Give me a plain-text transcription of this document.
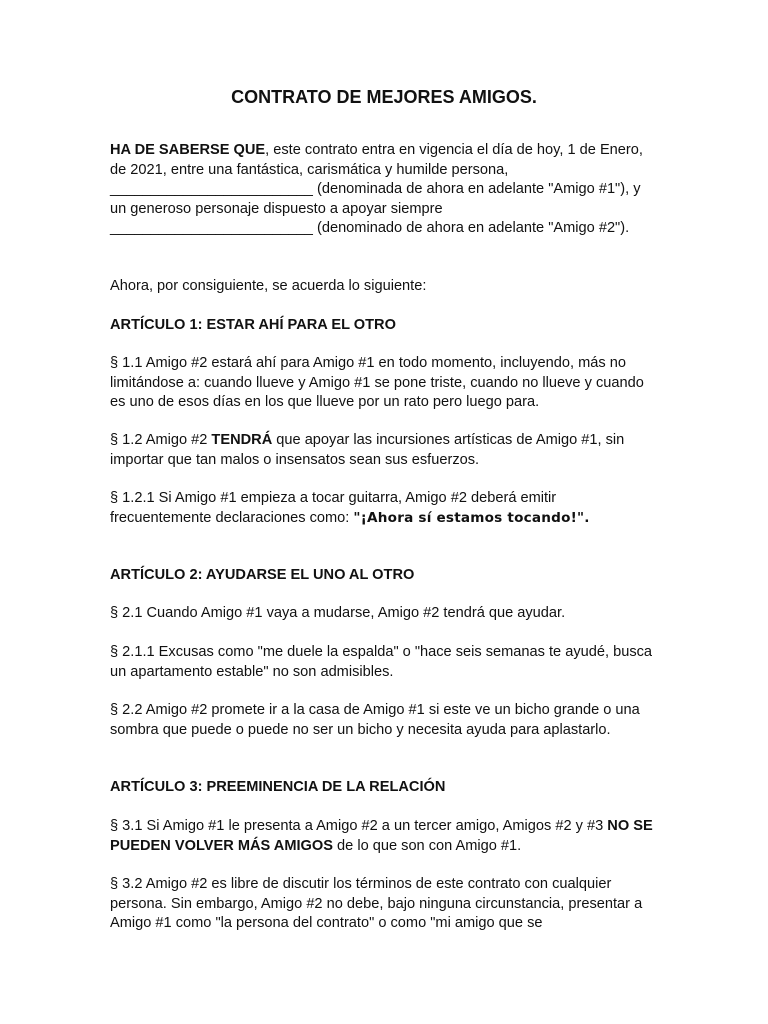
CONTRATO DE MEJORES AMIGOS.

HA DE SABERSE QUE, este contrato entra en vigencia el día de hoy, 1 de Enero, de 2021, entre una fantástica, carismática y humilde persona,
_________________________ (denominada de ahora en adelante "Amigo #1"), y un generoso personaje dispuesto a apoyar siempre
_________________________ (denominado de ahora en adelante "Amigo #2").

Ahora, por consiguiente, se acuerda lo siguiente:

ARTÍCULO 1: ESTAR AHÍ PARA EL OTRO

§ 1.1 Amigo #2 estará ahí para Amigo #1 en todo momento, incluyendo, más no limitándose a: cuando llueve y Amigo #1 se pone triste, cuando no llueve y cuando es uno de esos días en los que llueve por un rato pero luego para.

§ 1.2 Amigo #2 TENDRÁ que apoyar las incursiones artísticas de Amigo #1, sin importar que tan malos o insensatos sean sus esfuerzos.

§ 1.2.1 Si Amigo #1 empieza a tocar guitarra, Amigo #2 deberá emitir frecuentemente declaraciones como: "¡Ahora sí estamos tocando!".

ARTÍCULO 2: AYUDARSE EL UNO AL OTRO

§ 2.1 Cuando Amigo #1 vaya a mudarse, Amigo #2 tendrá que ayudar.

§ 2.1.1 Excusas como "me duele la espalda" o "hace seis semanas te ayudé, busca un apartamento estable" no son admisibles.

§ 2.2 Amigo #2 promete ir a la casa de Amigo #1 si este ve un bicho grande o una sombra que puede o puede no ser un bicho y necesita ayuda para aplastarlo.

ARTÍCULO 3: PREEMINENCIA DE LA RELACIÓN

§ 3.1 Si Amigo #1 le presenta a Amigo #2 a un tercer amigo, Amigos #2 y #3 NO SE PUEDEN VOLVER MÁS AMIGOS de lo que son con Amigo #1.

§ 3.2 Amigo #2 es libre de discutir los términos de este contrato con cualquier persona. Sin embargo, Amigo #2 no debe, bajo ninguna circunstancia, presentar a Amigo #1 como "la persona del contrato" o como "mi amigo que se
